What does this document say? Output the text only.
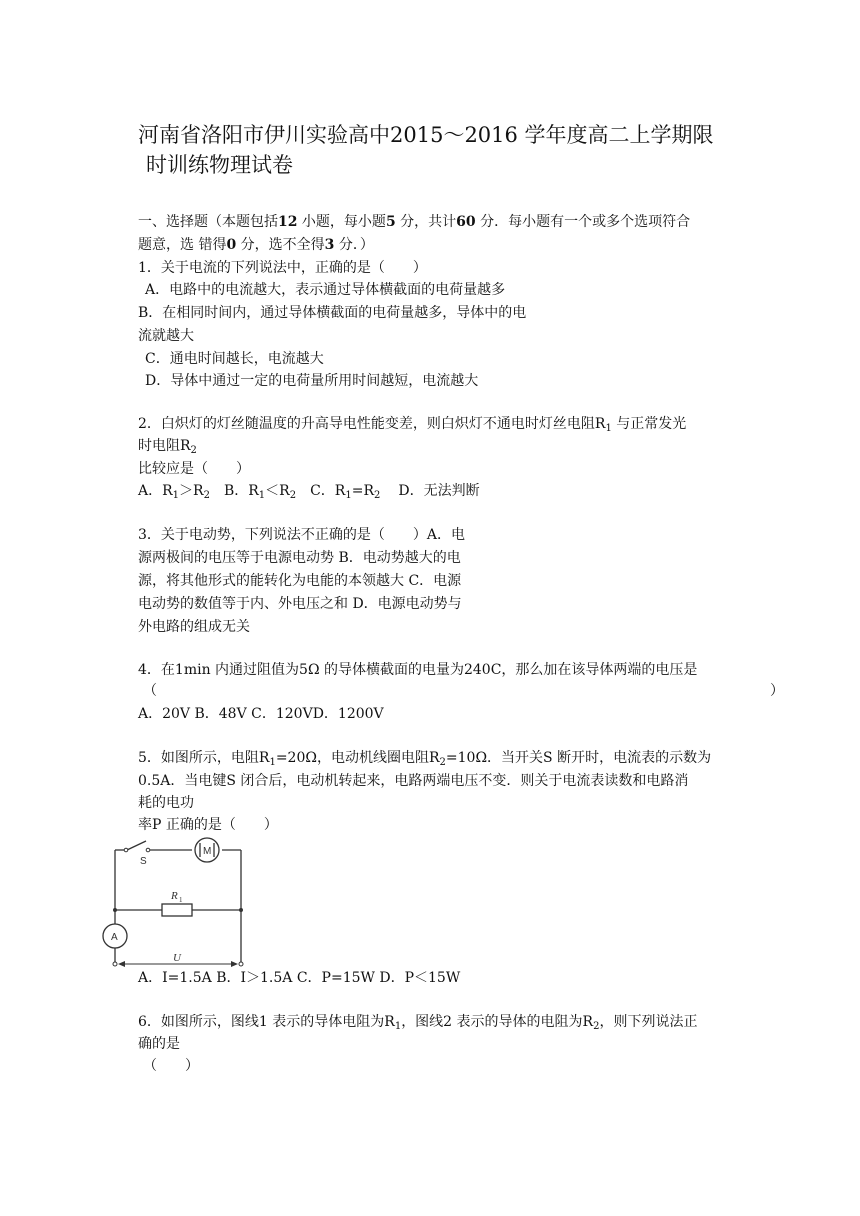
河南省洛阳市伊川实验高中2015～2016 学年度高二上学期限
时训练物理试卷
一、选择题（本题包括12 小题，每小题5 分，共计60 分．每小题有一个或多个选项符合
题意，选 错得0 分，选不全得3 分．）
1．关于电流的下列说法中，正确的是（　　）
A．电路中的电流越大，表示通过导体横截面的电荷量越多
B．在相同时间内，通过导体横截面的电荷量越多，导体中的电
流就越大
C．通电时间越长，电流越大
D．导体中通过一定的电荷量所用时间越短，电流越大
2．白炽灯的灯丝随温度的升高导电性能变差，则白炽灯不通电时灯丝电阻$R_1$ 与正常发光
时电阻$R_2$
比较应是（　　）
A．$R_1>R_2$ B．$R_1<R_2$ C．$R_1=R_2$ D．无法判断
3．关于电动势，下列说法不正确的是（　　）A．电
源两极间的电压等于电源电动势 B．电动势越大的电
源，将其他形式的能转化为电能的本领越大 C．电源
电动势的数值等于内、外电压之和 D．电源电动势与
外电路的组成无关
4．在1min 内通过阻值为5Ω 的导体横截面的电量为240C，那么加在该导体两端的电压是
（	）
A．20V B．48V C．120VD．1200V
5．如图所示，电阻$R_1=20\Omega$，电动机线圈电阻$R_2=10\Omega$．当开关S 断开时，电流表的示数为
0.5A．当电键S 闭合后，电动机转起来，电路两端电压不变．则关于电流表读数和电路消
耗的电功
率P 正确的是（　　）
S
M
R 1
A
U
A．I=1.5A B．I＞1.5A C．P=15W D．P＜15W
6．如图所示，图线1 表示的导体电阻为$R_1$，图线2 表示的导体的电阻为$R_2$，则下列说法正
确的是
（　　）
